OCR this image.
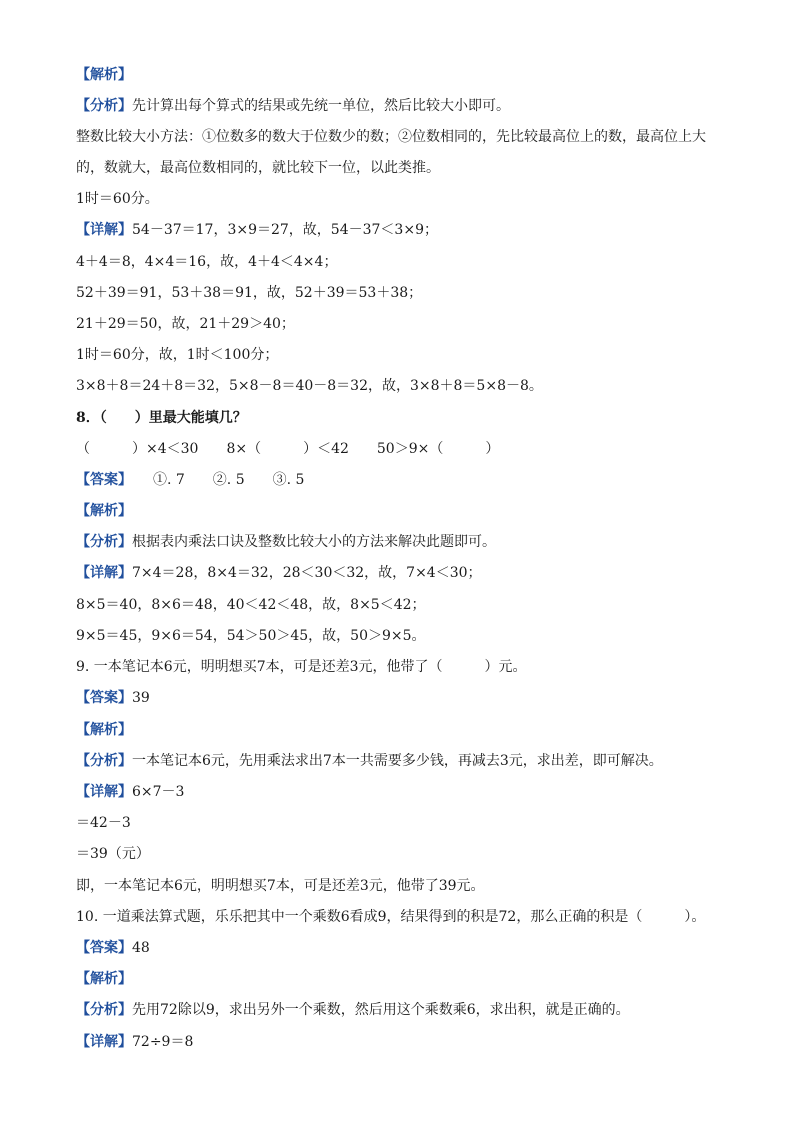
【解析】
【分析】先计算出每个算式的结果或先统一单位，然后比较大小即可。
整数比较大小方法：①位数多的数大于位数少的数；②位数相同的，先比较最高位上的数，最高位上大
的，数就大，最高位数相同的，就比较下一位，以此类推。
1时＝60分。
【详解】54－37＝17，3×9＝27，故，54－37＜3×9；
4＋4＝8，4×4＝16，故，4＋4＜4×4；
52＋39＝91，53＋38＝91，故，52＋39＝53＋38；
21＋29＝50，故，21＋29＞40；
1时＝60分，故，1时＜100分；
3×8＋8＝24＋8＝32，5×8－8＝40－8＝32，故，3×8＋8＝5×8－8。
8．（　　）里最大能填几？
（　　　）×4＜30　　8×（　　　）＜42　　50＞9×（　　　）
【答案】　　①. 7　　②. 5　　③. 5
【解析】
【分析】根据表内乘法口诀及整数比较大小的方法来解决此题即可。
【详解】7×4＝28，8×4＝32，28＜30＜32，故，7×4＜30；
8×5＝40，8×6＝48，40＜42＜48，故，8×5＜42；
9×5＝45，9×6＝54，54＞50＞45，故，50＞9×5。
9. 一本笔记本6元，明明想买7本，可是还差3元，他带了（　　　）元。
【答案】39
【解析】
【分析】一本笔记本6元，先用乘法求出7本一共需要多少钱，再减去3元，求出差，即可解决。
【详解】6×7－3
＝42－3
＝39（元）
即，一本笔记本6元，明明想买7本，可是还差3元，他带了39元。
10. 一道乘法算式题，乐乐把其中一个乘数6看成9，结果得到的积是72，那么正确的积是（　　　）。
【答案】48
【解析】
【分析】先用72除以9，求出另外一个乘数，然后用这个乘数乘6，求出积，就是正确的。
【详解】72÷9＝8
